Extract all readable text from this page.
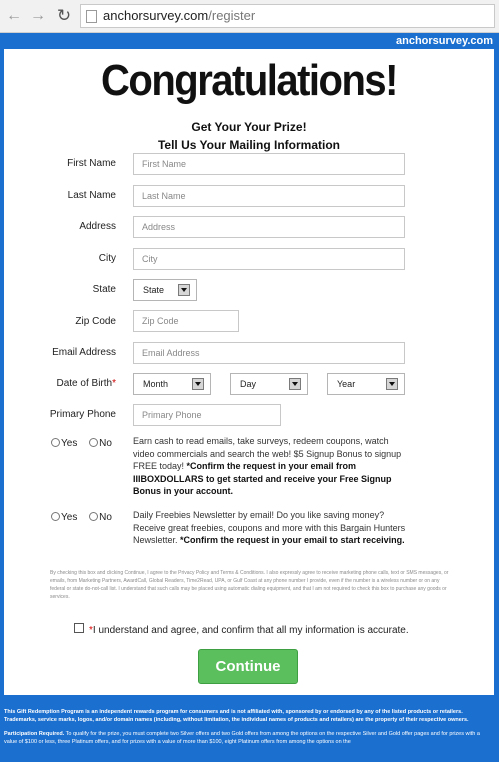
← → ↻	anchorsurvey.com/register
anchorsurvey.com
Congratulations!
Get Your Your Prize!
Tell Us Your Mailing Information
First Name	First Name
Last Name	Last Name
Address	Address
City	City
State	State
Zip Code	Zip Code
Email Address	Email Address
Date of Birth*	Month	Day	Year
Primary Phone	Primary Phone
Yes No Earn cash to read emails, take surveys, redeem coupons, watch video commercials and search the web! $5 Signup Bonus to signup FREE today! *Confirm the request in your email from IIIBOXDOLLARS to get started and receive your Free Signup Bonus in your account.
Yes No Daily Freebies Newsletter by email! Do you like saving money? Receive great freebies, coupons and more with this Bargain Hunters Newsletter. *Confirm the request in your email to start receiving.
By checking this box and clicking Continue, I agree to the Privacy Policy and Terms & Conditions. I also expressly agree to receive marketing phone calls, text or SMS messages, or emails, from Marketing Partners, AwardCall, Global Readers, Time2Read, UPA, or Gulf Coast at any phone number I provide, even if the number is a wireless number or on any federal or state do-not-call list. I understand that such calls may be placed using automatic dialing equipment, and that I am not required to check this box to purchase any goods or services.
*I understand and agree, and confirm that all my information is accurate.
Continue

This Gift Redemption Program is an independent rewards program for consumers and is not affiliated with, sponsored by or endorsed by any of the listed products or retailers. Trademarks, service marks, logos, and/or domain names (including, without limitation, the individual names of products and retailers) are the property of their respective owners.

Participation Required. To qualify for the prize, you must complete two Silver offers and two Gold offers from among the options on the respective Silver and Gold offer pages and for prizes with a value of $100 or less, three Platinum offers, and for prizes with a value of more than $100, eight Platinum offers from among the options on the
